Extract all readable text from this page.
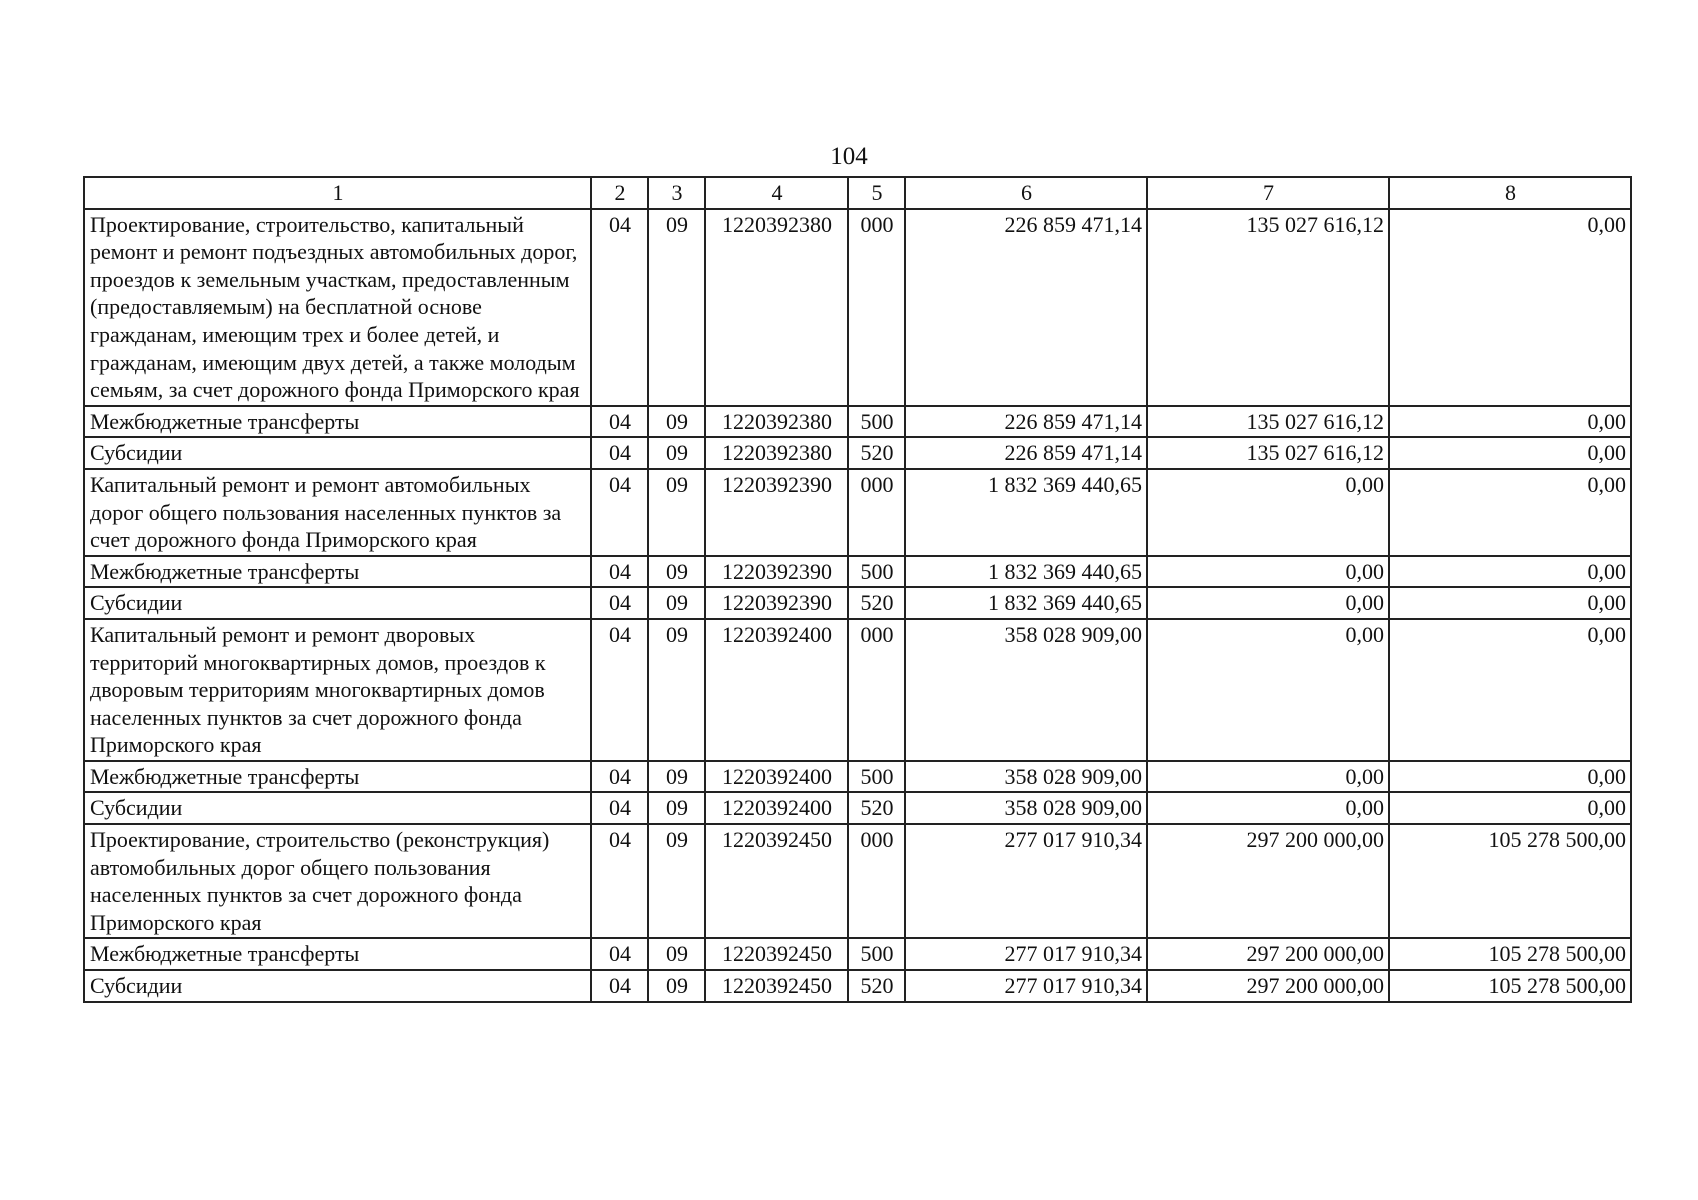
104
1	2	3	4	5	6	7	8
Проектирование, строительство, капитальный ремонт и ремонт подъездных автомобильных дорог, проездов к земельным участкам, предоставленным (предоставляемым) на бесплатной основе гражданам, имеющим трех и более детей, и гражданам, имеющим двух детей, а также молодым семьям, за счет дорожного фонда Приморского края	04	09	1220392380	000	226 859 471,14	135 027 616,12	0,00
Межбюджетные трансферты	04	09	1220392380	500	226 859 471,14	135 027 616,12	0,00
Субсидии	04	09	1220392380	520	226 859 471,14	135 027 616,12	0,00
Капитальный ремонт и ремонт автомобильных дорог общего пользования населенных пунктов за счет дорожного фонда Приморского края	04	09	1220392390	000	1 832 369 440,65	0,00	0,00
Межбюджетные трансферты	04	09	1220392390	500	1 832 369 440,65	0,00	0,00
Субсидии	04	09	1220392390	520	1 832 369 440,65	0,00	0,00
Капитальный ремонт и ремонт дворовых территорий многоквартирных домов, проездов к дворовым территориям многоквартирных домов населенных пунктов за счет дорожного фонда Приморского края	04	09	1220392400	000	358 028 909,00	0,00	0,00
Межбюджетные трансферты	04	09	1220392400	500	358 028 909,00	0,00	0,00
Субсидии	04	09	1220392400	520	358 028 909,00	0,00	0,00
Проектирование, строительство (реконструкция) автомобильных дорог общего пользования населенных пунктов за счет дорожного фонда Приморского края	04	09	1220392450	000	277 017 910,34	297 200 000,00	105 278 500,00
Межбюджетные трансферты	04	09	1220392450	500	277 017 910,34	297 200 000,00	105 278 500,00
Субсидии	04	09	1220392450	520	277 017 910,34	297 200 000,00	105 278 500,00
